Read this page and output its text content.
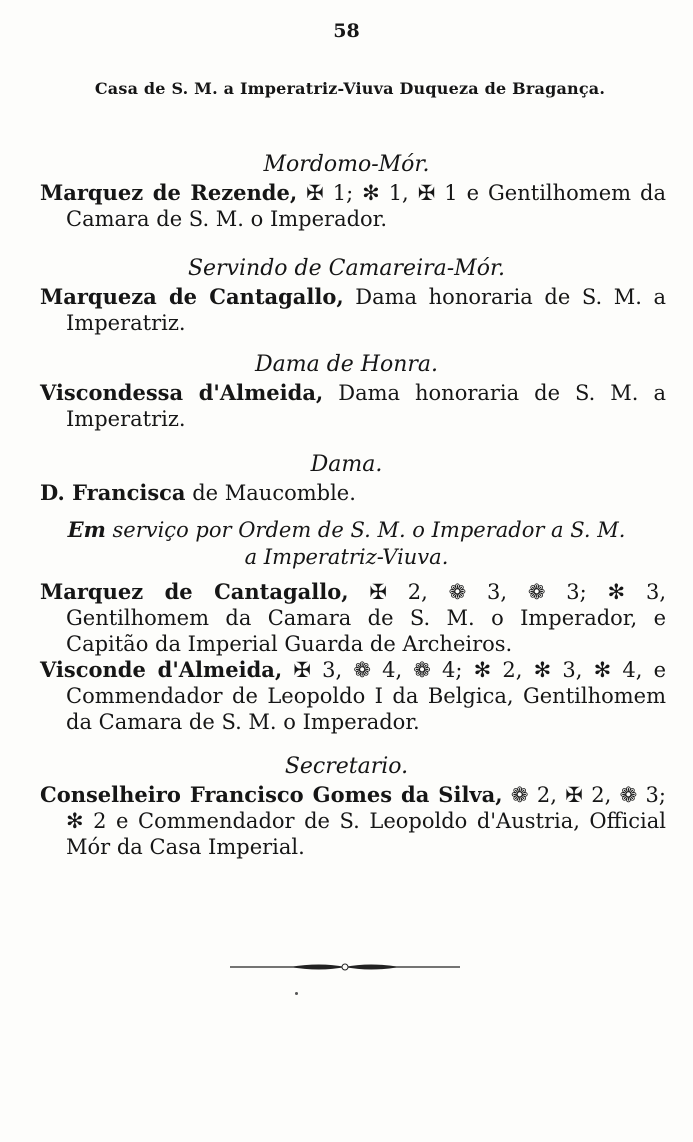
58
Casa de S. M. a Imperatriz-Viuva Duqueza de Bragança.
Mordomo-Mór.
Marquez de Rezende, ✠ 1; ✻ 1, ✠ 1 e Gentilhomem da Camara de S. M. o Imperador.
Servindo de Camareira-Mór.
Marqueza de Cantagallo, Dama honoraria de S. M. a Imperatriz.
Dama de Honra.
Viscondessa d'Almeida, Dama honoraria de S. M. a Imperatriz.
Dama.
D. Francisca de Maucomble.
Em serviço por Ordem de S. M. o Imperador a S. M. a Imperatriz-Viuva.
Marquez de Cantagallo, ✠ 2, ❁ 3, ❁ 3; ✻ 3, Gentilhomem da Camara de S. M. o Imperador, e Capitão da Imperial Guarda de Archeiros.
Visconde d'Almeida, ✠ 3, ❁ 4, ❁ 4; ✻ 2, ✻ 3, ✻ 4, e Commendador de Leopoldo I da Belgica, Gentilhomem da Camara de S. M. o Imperador.
Secretario.
Conselheiro Francisco Gomes da Silva, ❁ 2, ✠ 2, ❁ 3; ✻ 2 e Commendador de S. Leopoldo d'Austria, Official Mór da Casa Imperial.
